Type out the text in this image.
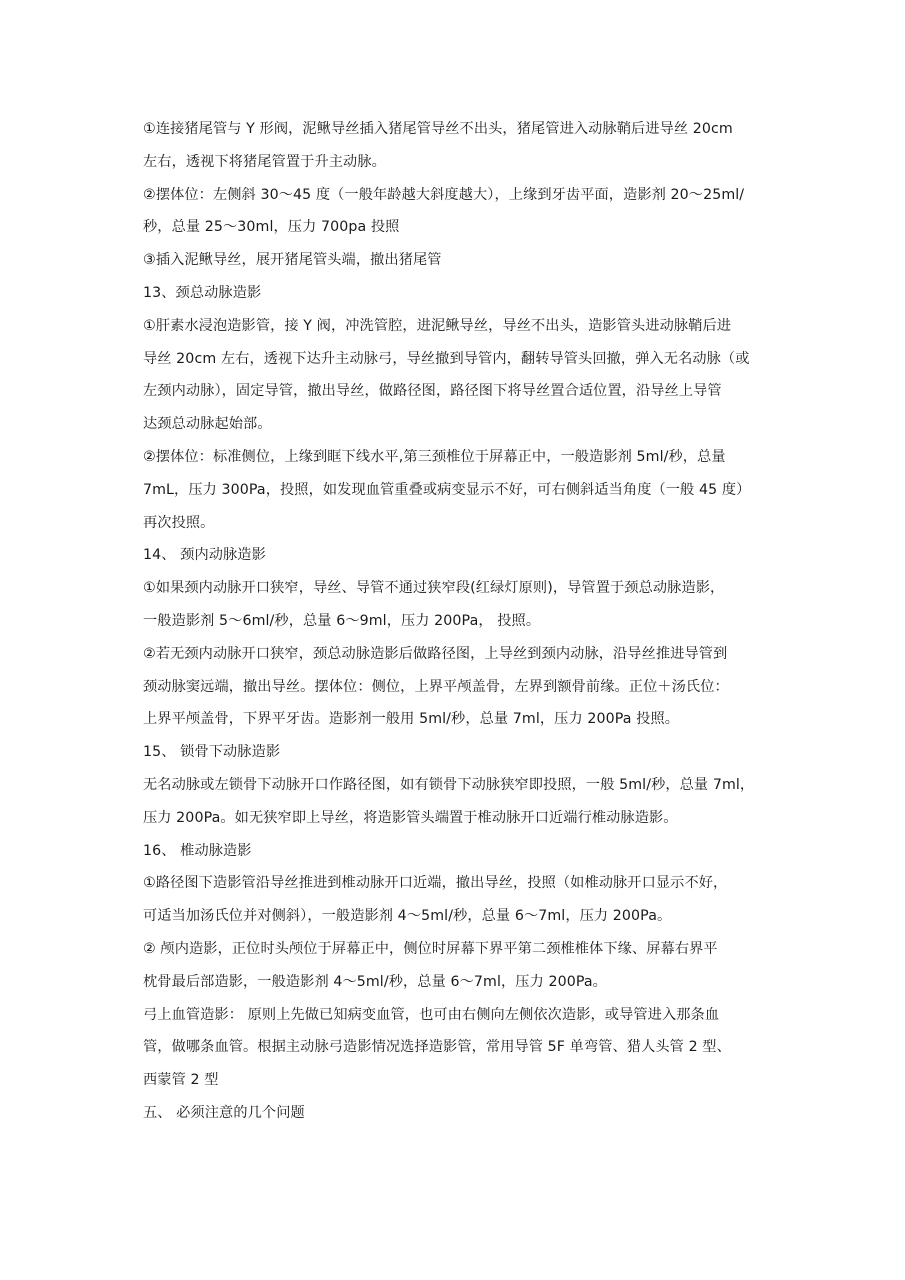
①连接猪尾管与 Y 形阀，泥鳅导丝插入猪尾管导丝不出头，猪尾管进入动脉鞘后进导丝 20cm

左右，透视下将猪尾管置于升主动脉。

②摆体位：左侧斜 30～45 度（一般年龄越大斜度越大），上缘到牙齿平面，造影剂 20～25ml/

秒，总量 25～30ml，压力 700pa 投照

③插入泥鳅导丝，展开猪尾管头端，撤出猪尾管

13、颈总动脉造影

①肝素水浸泡造影管，接 Y 阀，冲洗管腔，进泥鳅导丝，导丝不出头，造影管头进动脉鞘后进

导丝 20cm 左右，透视下达升主动脉弓，导丝撤到导管内，翻转导管头回撤，弹入无名动脉（或

左颈内动脉），固定导管，撤出导丝，做路径图，路径图下将导丝置合适位置，沿导丝上导管

达颈总动脉起始部。

②摆体位：标准侧位，上缘到眶下线水平,第三颈椎位于屏幕正中，一般造影剂 5ml/秒，总量

7mL，压力 300Pa，投照，如发现血管重叠或病变显示不好，可右侧斜适当角度（一般 45 度）

再次投照。

14、 颈内动脉造影

①如果颈内动脉开口狭窄，导丝、导管不通过狭窄段(红绿灯原则)，导管置于颈总动脉造影，

一般造影剂 5～6ml/秒，总量 6～9ml，压力 200Pa， 投照。

②若无颈内动脉开口狭窄，颈总动脉造影后做路径图，上导丝到颈内动脉，沿导丝推进导管到

颈动脉窦远端，撤出导丝。摆体位：侧位，上界平颅盖骨，左界到额骨前缘。正位＋汤氏位：

上界平颅盖骨，下界平牙齿。造影剂一般用 5ml/秒，总量 7ml，压力 200Pa 投照。

15、 锁骨下动脉造影

无名动脉或左锁骨下动脉开口作路径图，如有锁骨下动脉狭窄即投照，一般 5ml/秒，总量 7ml，

压力 200Pa。如无狭窄即上导丝，将造影管头端置于椎动脉开口近端行椎动脉造影。

16、 椎动脉造影

①路径图下造影管沿导丝推进到椎动脉开口近端，撤出导丝，投照（如椎动脉开口显示不好，

可适当加汤氏位并对侧斜），一般造影剂 4～5ml/秒，总量 6～7ml，压力 200Pa。

② 颅内造影，正位时头颅位于屏幕正中，侧位时屏幕下界平第二颈椎椎体下缘、屏幕右界平

枕骨最后部造影，一般造影剂 4～5ml/秒，总量 6～7ml，压力 200Pa。

弓上血管造影： 原则上先做已知病变血管，也可由右侧向左侧依次造影，或导管进入那条血

管，做哪条血管。根据主动脉弓造影情况选择造影管，常用导管 5F 单弯管、猎人头管 2 型、

西蒙管 2 型

五、 必须注意的几个问题
